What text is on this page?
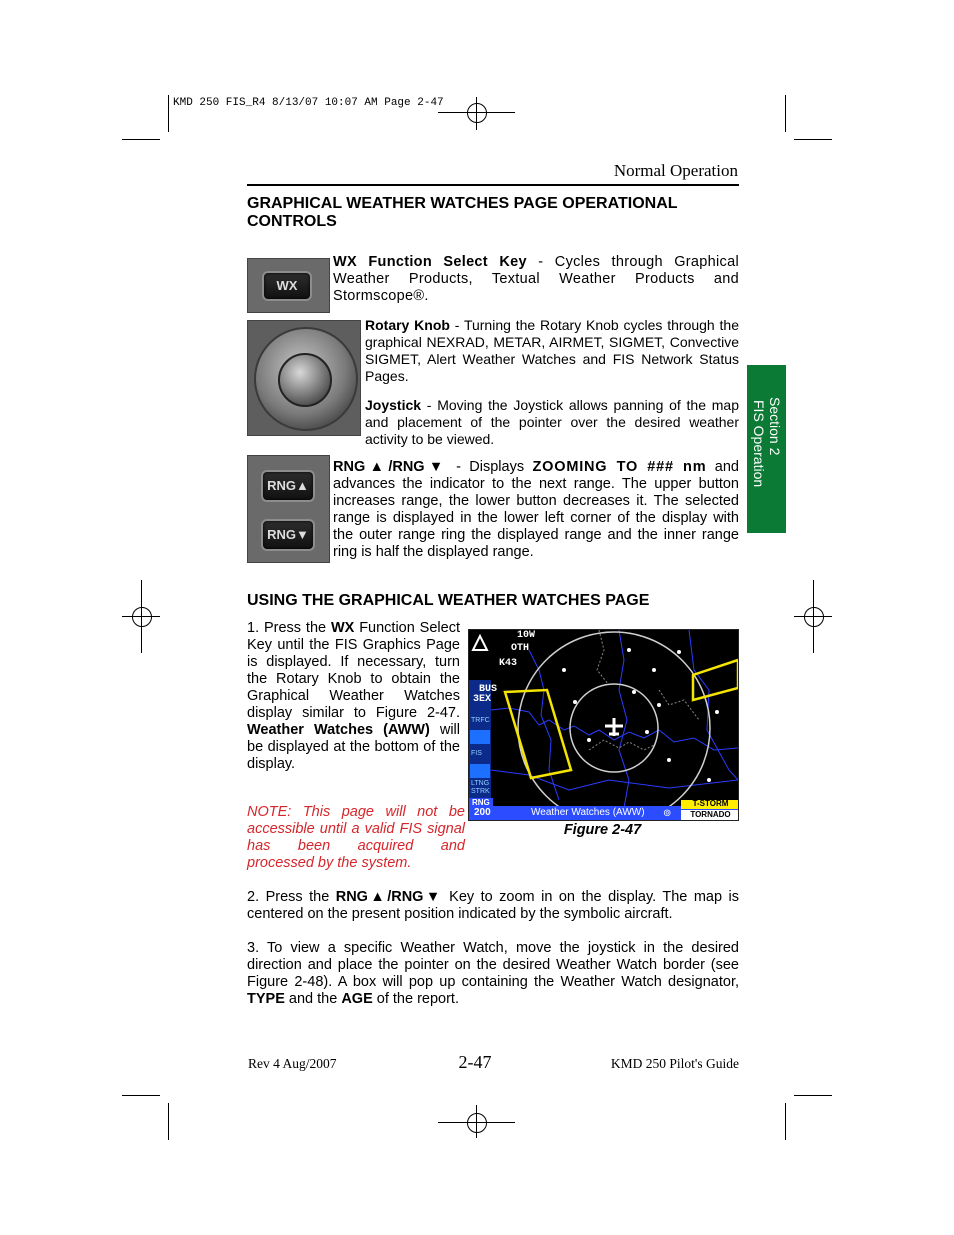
KMD 250 FIS_R4 8/13/07 10:07 AM Page 2-47
Normal Operation
Section 2
FIS Operation
GRAPHICAL WEATHER WATCHES PAGE OPERATIONAL CONTROLS
WX
WX Function Select Key - Cycles through Graphical Weather Products, Textual Weather Products and Stormscope®.
Rotary Knob - Turning the Rotary Knob cycles through the graphical NEXRAD, METAR, AIRMET, SIGMET, Convective SIGMET, Alert Weather Watches and FIS Network Status Pages.
Joystick - Moving the Joystick allows panning of the map and placement of the pointer over the desired weather activity to be viewed.
RNG▲
RNG▼
RNG▲/RNG▼ - Displays ZOOMING TO ### nm and advances the indicator to the next range. The upper button increases range, the lower button decreases it. The selected range is displayed in the lower left corner of the display with the outer range ring the displayed range and the inner range ring is half the displayed range.
USING THE GRAPHICAL WEATHER WATCHES PAGE
1. Press the WX Function Select Key until the FIS Graphics Page is displayed. If necessary, turn the Rotary Knob to obtain the Graphical Weather Watches display similar to Figure 2-47. Weather Watches (AWW) will be displayed at the bottom of the display.
NOTE: This page will not be accessible until a valid FIS signal has been acquired and processed by the system.
10W
OTH
K43
BUS
3EX
TRFC
FIS
LTNG STRK
RNG
200	Weather Watches (AWW) ⊚
T-STORM
TORNADO
Figure 2-47
2. Press the RNG▲/RNG▼ Key to zoom in on the display. The map is centered on the present position indicated by the symbolic aircraft.
3. To view a specific Weather Watch, move the joystick in the desired direction and place the pointer on the desired Weather Watch border (see Figure 2-48). A box will pop up containing the Weather Watch designator, TYPE and the AGE of the report.
Rev 4 Aug/2007	2-47	KMD 250 Pilot's Guide
